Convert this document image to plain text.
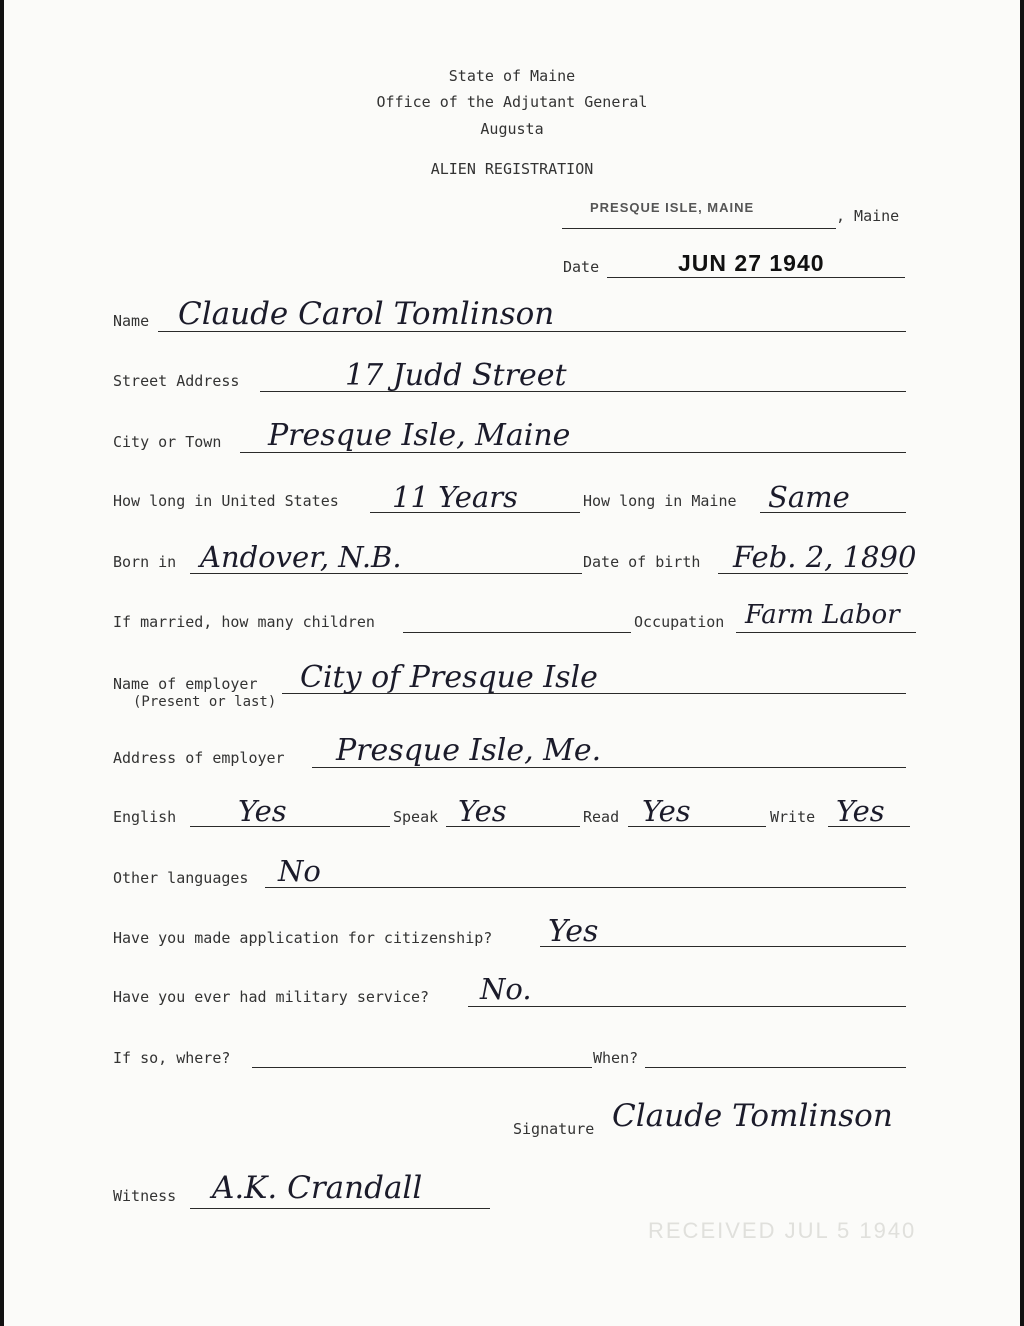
State of Maine
Office of the Adjutant General
Augusta
ALIEN REGISTRATION
PRESQUE ISLE, MAINE	, Maine
Date	JUN 27 1940
Name Claude Carol Tomlinson
Street Address	17 Judd Street
City or Town Presque Isle, Maine
How long in United States 11 Years	How long in Maine Same
Born in Andover, N.B.	Date of birth Feb. 2, 1890
If married, how many children	Occupation Farm Labor
Name of employer
(Present or last)
City of Presque Isle
Address of employer Presque Isle, Me.
English Yes	Speak Yes	Read Yes	Write Yes
Other languages No
Have you made application for citizenship? Yes
Have you ever had military service? No.
If so, where?	When?
Signature Claude Tomlinson
Witness A.K. Crandall
RECEIVED JUL 5 1940
